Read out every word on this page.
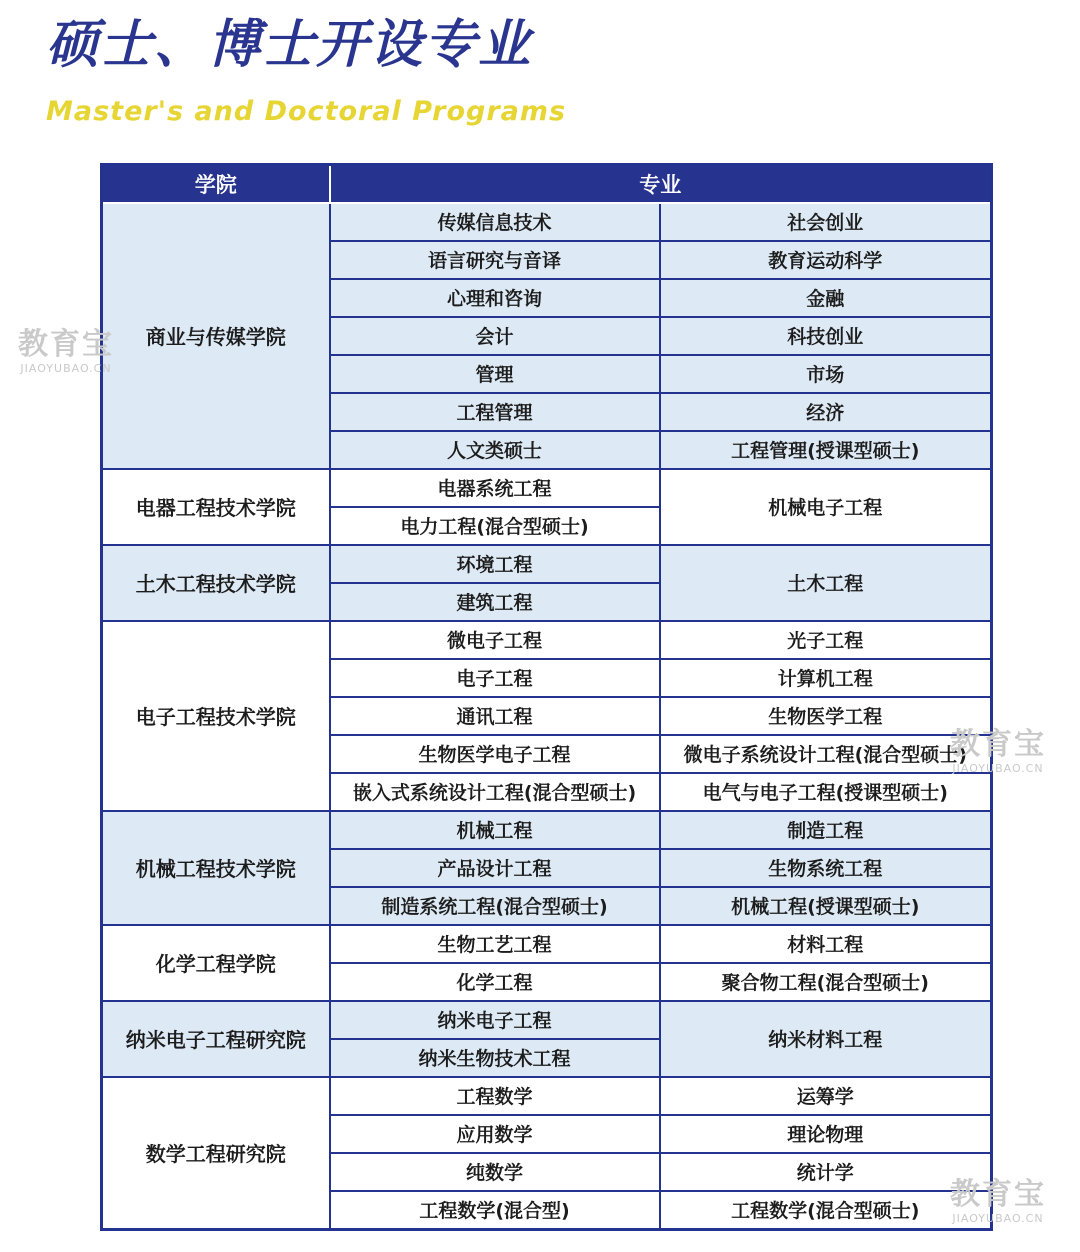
硕士、博士开设专业
Master's and Doctoral Programs
学院	专业	
商业与传媒学院	传媒信息技术	社会创业
	语言研究与音译	教育运动科学
	心理和咨询	金融
	会计	科技创业
	管理	市场
	工程管理	经济
	人文类硕士	工程管理(授课型硕士)
电器工程技术学院	电器系统工程	机械电子工程
	电力工程(混合型硕士)	
土木工程技术学院	环境工程	土木工程
	建筑工程	
电子工程技术学院	微电子工程	光子工程
	电子工程	计算机工程
	通讯工程	生物医学工程
	生物医学电子工程	微电子系统设计工程(混合型硕士)
	嵌入式系统设计工程(混合型硕士)	电气与电子工程(授课型硕士)
机械工程技术学院	机械工程	制造工程
	产品设计工程	生物系统工程
	制造系统工程(混合型硕士)	机械工程(授课型硕士)
化学工程学院	生物工艺工程	材料工程
	化学工程	聚合物工程(混合型硕士)
纳米电子工程研究院	纳米电子工程	纳米材料工程
	纳米生物技术工程	
数学工程研究院	工程数学	运筹学
	应用数学	理论物理
	纯数学	统计学
	工程数学(混合型)	工程数学(混合型硕士)
教育宝
JIAOYUBAO.CN
教育宝
JIAOYUBAO.CN
教育宝
JIAOYUBAO.CN
